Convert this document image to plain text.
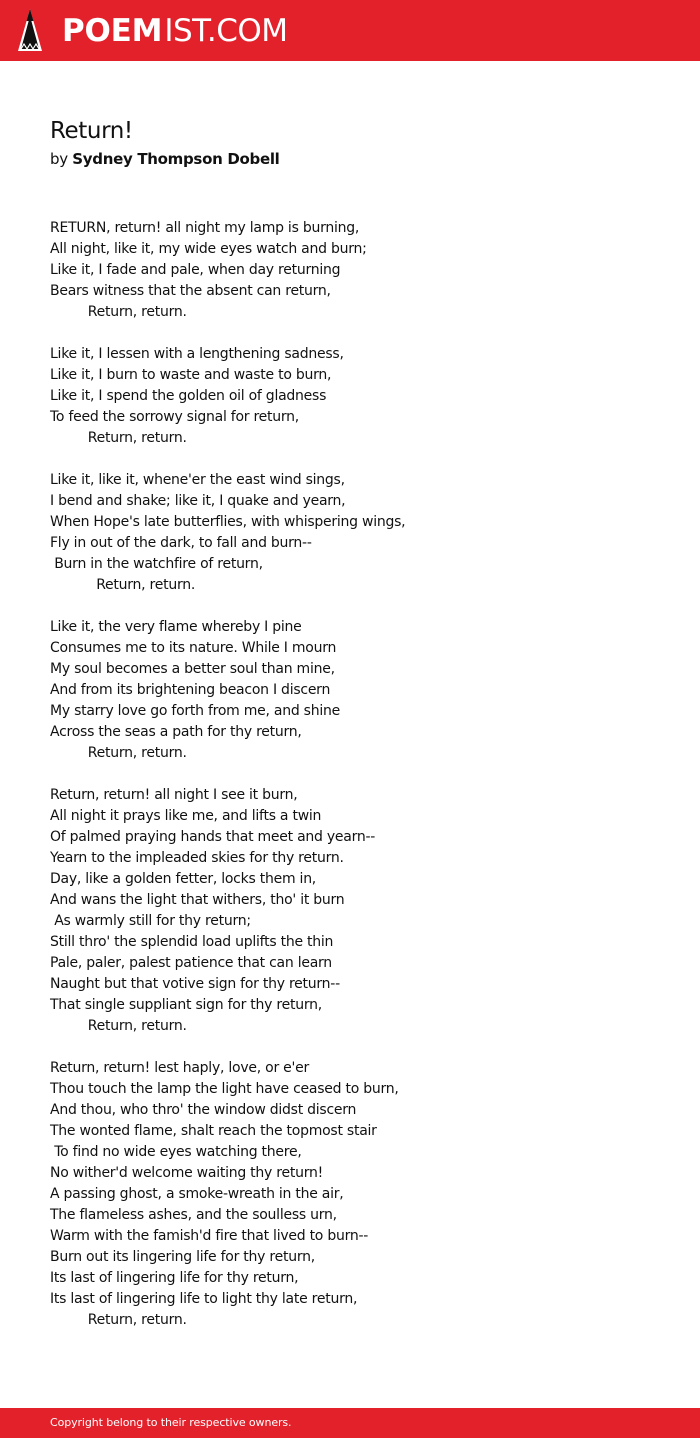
POEMIST.COM
Return!
by Sydney Thompson Dobell
RETURN, return! all night my lamp is burning,
All night, like it, my wide eyes watch and burn;
Like it, I fade and pale, when day returning
Bears witness that the absent can return,
Return, return.
Like it, I lessen with a lengthening sadness,
Like it, I burn to waste and waste to burn,
Like it, I spend the golden oil of gladness
To feed the sorrowy signal for return,
Return, return.
Like it, like it, whene'er the east wind sings,
I bend and shake; like it, I quake and yearn,
When Hope's late butterflies, with whispering wings,
Fly in out of the dark, to fall and burn--
Burn in the watchfire of return,
Return, return.
Like it, the very flame whereby I pine
Consumes me to its nature. While I mourn
My soul becomes a better soul than mine,
And from its brightening beacon I discern
My starry love go forth from me, and shine
Across the seas a path for thy return,
Return, return.
Return, return! all night I see it burn,
All night it prays like me, and lifts a twin
Of palmed praying hands that meet and yearn--
Yearn to the impleaded skies for thy return.
Day, like a golden fetter, locks them in,
And wans the light that withers, tho' it burn
As warmly still for thy return;
Still thro' the splendid load uplifts the thin
Pale, paler, palest patience that can learn
Naught but that votive sign for thy return--
That single suppliant sign for thy return,
Return, return.
Return, return! lest haply, love, or e'er
Thou touch the lamp the light have ceased to burn,
And thou, who thro' the window didst discern
The wonted flame, shalt reach the topmost stair
To find no wide eyes watching there,
No wither'd welcome waiting thy return!
A passing ghost, a smoke-wreath in the air,
The flameless ashes, and the soulless urn,
Warm with the famish'd fire that lived to burn--
Burn out its lingering life for thy return,
Its last of lingering life for thy return,
Its last of lingering life to light thy late return,
Return, return.
Copyright belong to their respective owners.
